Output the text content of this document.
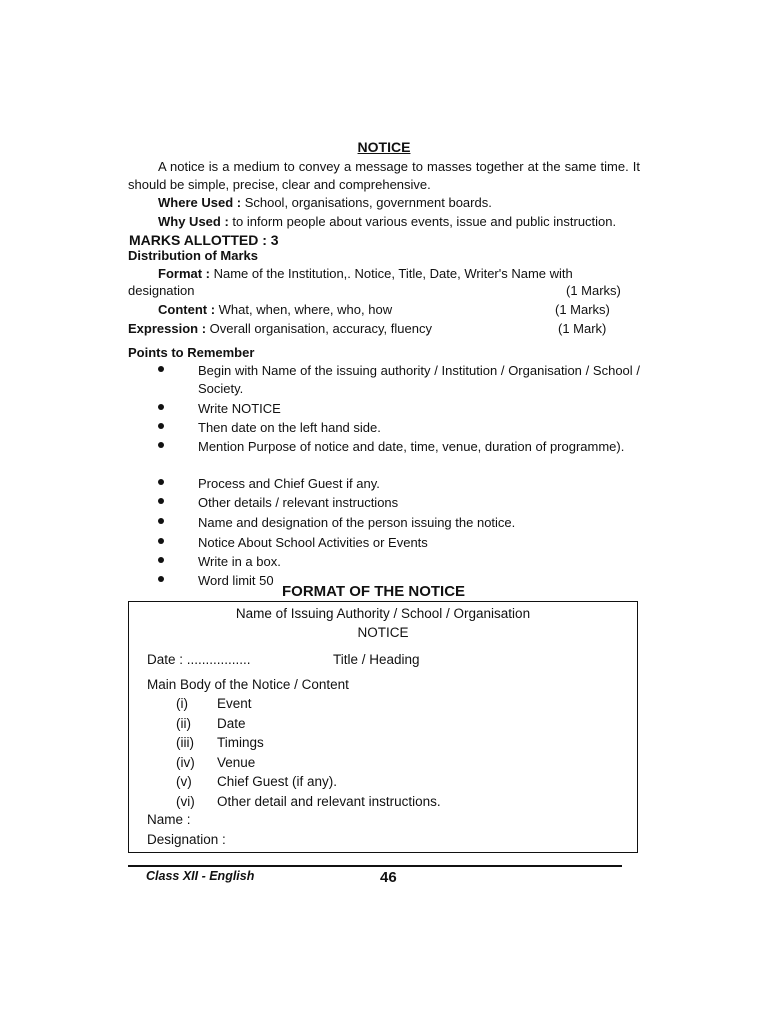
NOTICE
A notice is a medium to convey a message to masses together at the same time. It should be simple, precise, clear and comprehensive.
Where Used : School, organisations, government boards.
Why Used : to inform people about various events, issue and public instruction.
MARKS ALLOTTED : 3
Distribution of Marks
Format : Name of the Institution,. Notice, Title, Date, Writer's Name with
designation	(1 Marks)
Content : What, when, where, who, how	(1 Marks)
Expression : Overall organisation, accuracy, fluency	(1 Mark)
Points to Remember
Begin with Name of the issuing authority / Institution / Organisation / School / Society.
Write NOTICE
Then date on the left hand side.
Mention Purpose of notice and date, time, venue, duration of programme).
Process and Chief Guest if any.
Other details / relevant instructions
Name and designation of the person issuing the notice.
Notice About School Activities or Events
Write in a box.
Word limit 50
FORMAT OF THE NOTICE
Name of Issuing Authority / School / Organisation
NOTICE
Date : .................	Title / Heading
Main Body of the Notice / Content
(i) Event
(ii) Date
(iii) Timings
(iv) Venue
(v) Chief Guest (if any).
(vi) Other detail and relevant instructions.
Name :
Designation :
Class XII - English	46
